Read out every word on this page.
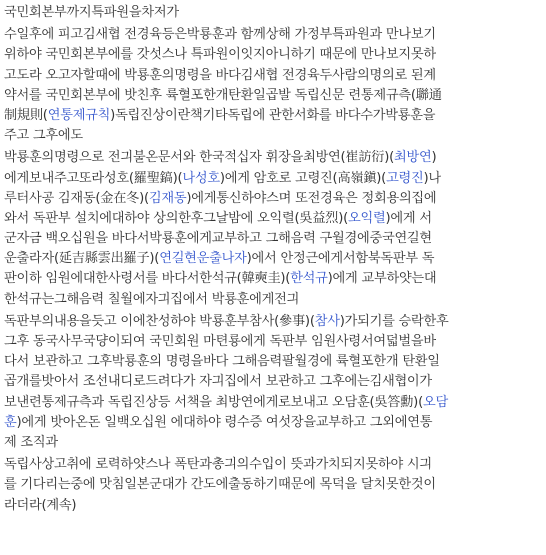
국민회본부까지특파원을차저가
수일후에 피고김새협 전경육등은박룡훈과 함께상해 가정부특파원과 만나보기
위하야 국민회본부에를 갓섯스나 특파원이잇지아니하기 때문에 만나보지못하
고도라 오고자할때에 박룡훈의명령을 바다김새협 전경육두사람의명의로 된계
약서를 국민회본부에 밧친후 륙혈포한개탄환일곱발 독립신문 련통제규측(聯通
制規則(연통제규칙)독립진상이란책기타독립에 관한서화를 바다수가박룡훈을
주고 그후에도
박룡훈의명령으로 전긔불온문서와 한국적십자 휘장을최방연(崔訪衍)(최방연)
에게보내주고또라성호(羅聖鎬)(나성호)에게 암호로 고령진(高嶺鎭)(고령진)나
루터사공 김재동(金在冬)(김재동)에게통신하야스며 또전경육은 정회용의집에
와서 독판부 설치에대하야 상의한후그날밤에 오익렬(吳益烈)(오익렬)에게 서
군자금 백오십원을 바다서박룡훈에게교부하고 그해음력 구월경에중국연길현
운출라자(延吉縣雲出羅子)(연길현운출나자)에서 안정근에게서함북독판부 독
판이하 임원에대한사령서를 바다서한석규(韓奭圭)(한석규)에게 교부하얏는대
한석규는그해음력 칠월에자긔집에서 박룡훈에게전긔
독판부의내용을듯고 이에찬성하야 박룡훈부참사(參事)(참사)가되기를 승락한후
그후 동국사무국댱이되여 국민회원 마텬룡에게 독판부 임원사령서여덟벌을바
다서 보관하고 그후박룡훈의 명령을바다 그해음력팔월경에 륙혈포한개 탄환일
곱개를밧아서 조선내디로드려다가 자긔집에서 보관하고 그후에는김새협이가
보낸련통제규측과 독립진상등 서책을 최방연에게로보내고 오담훈(吳答勳)(오담
훈)에게 밧아온돈 일백오십원 에대하야 령수증 여섯장을교부하고 그외에연통
제 조직과
독립사상고취에 로력하얏스나 폭탄과총긔의수입이 뜻과가치되지못하야 시긔
를 기다리는중에 맛침일본군대가 간도에출동하기때문에 목덕을 달치못한것이
라더라(계속)
